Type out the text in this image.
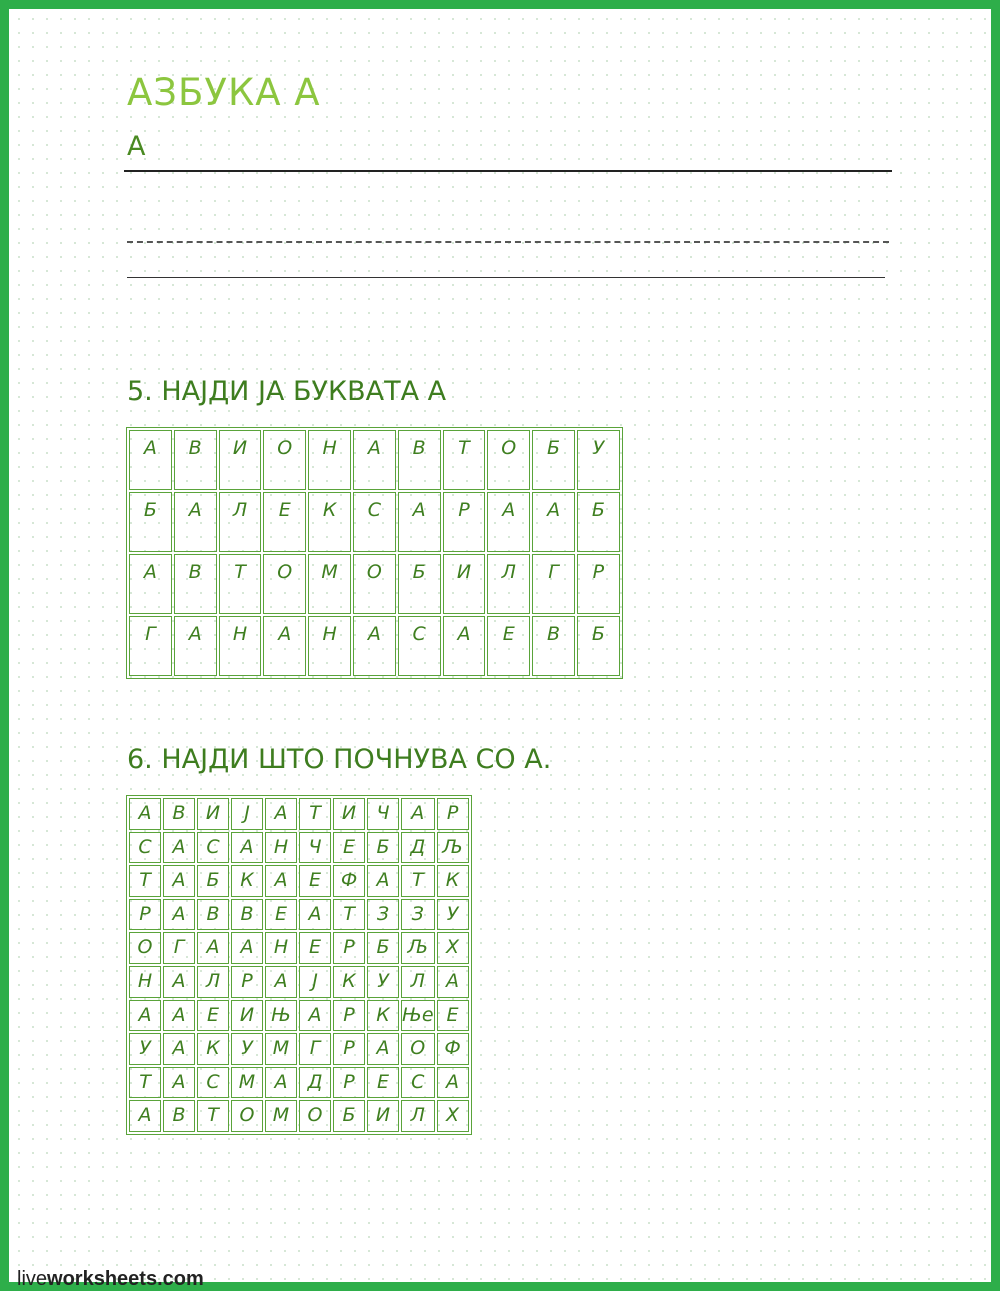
АЗБУКА А
А
5. НАЈДИ ЈА БУКВАТА А
А	В	И	О	Н	А	В	Т	О	Б	У
Б	А	Л	Е	К	С	А	Р	А	А	Б
А	В	Т	О	М	О	Б	И	Л	Г	Р
Г	А	Н	А	Н	А	С	А	Е	В	Б
6. НАЈДИ ШТО ПОЧНУВА СО А.
А	В	И	Ј	А	Т	И	Ч	А	Р
С	А	С	А	Н	Ч	Е	Б	Д	Љ
Т	А	Б	К	А	Е	Ф	А	Т	К
Р	А	В	В	Е	А	Т	З	З	У
О	Г	А	А	Н	Е	Р	Б	Љ	Х
Н	А	Л	Р	А	Ј	К	У	Л	А
А	А	Е	И	Њ	А	Р	К	Ње	Е
У	А	К	У	М	Г	Р	А	О	Ф
Т	А	С	М	А	Д	Р	Е	С	А
А	В	Т	О	М	О	Б	И	Л	Х
liveworksheets.com
